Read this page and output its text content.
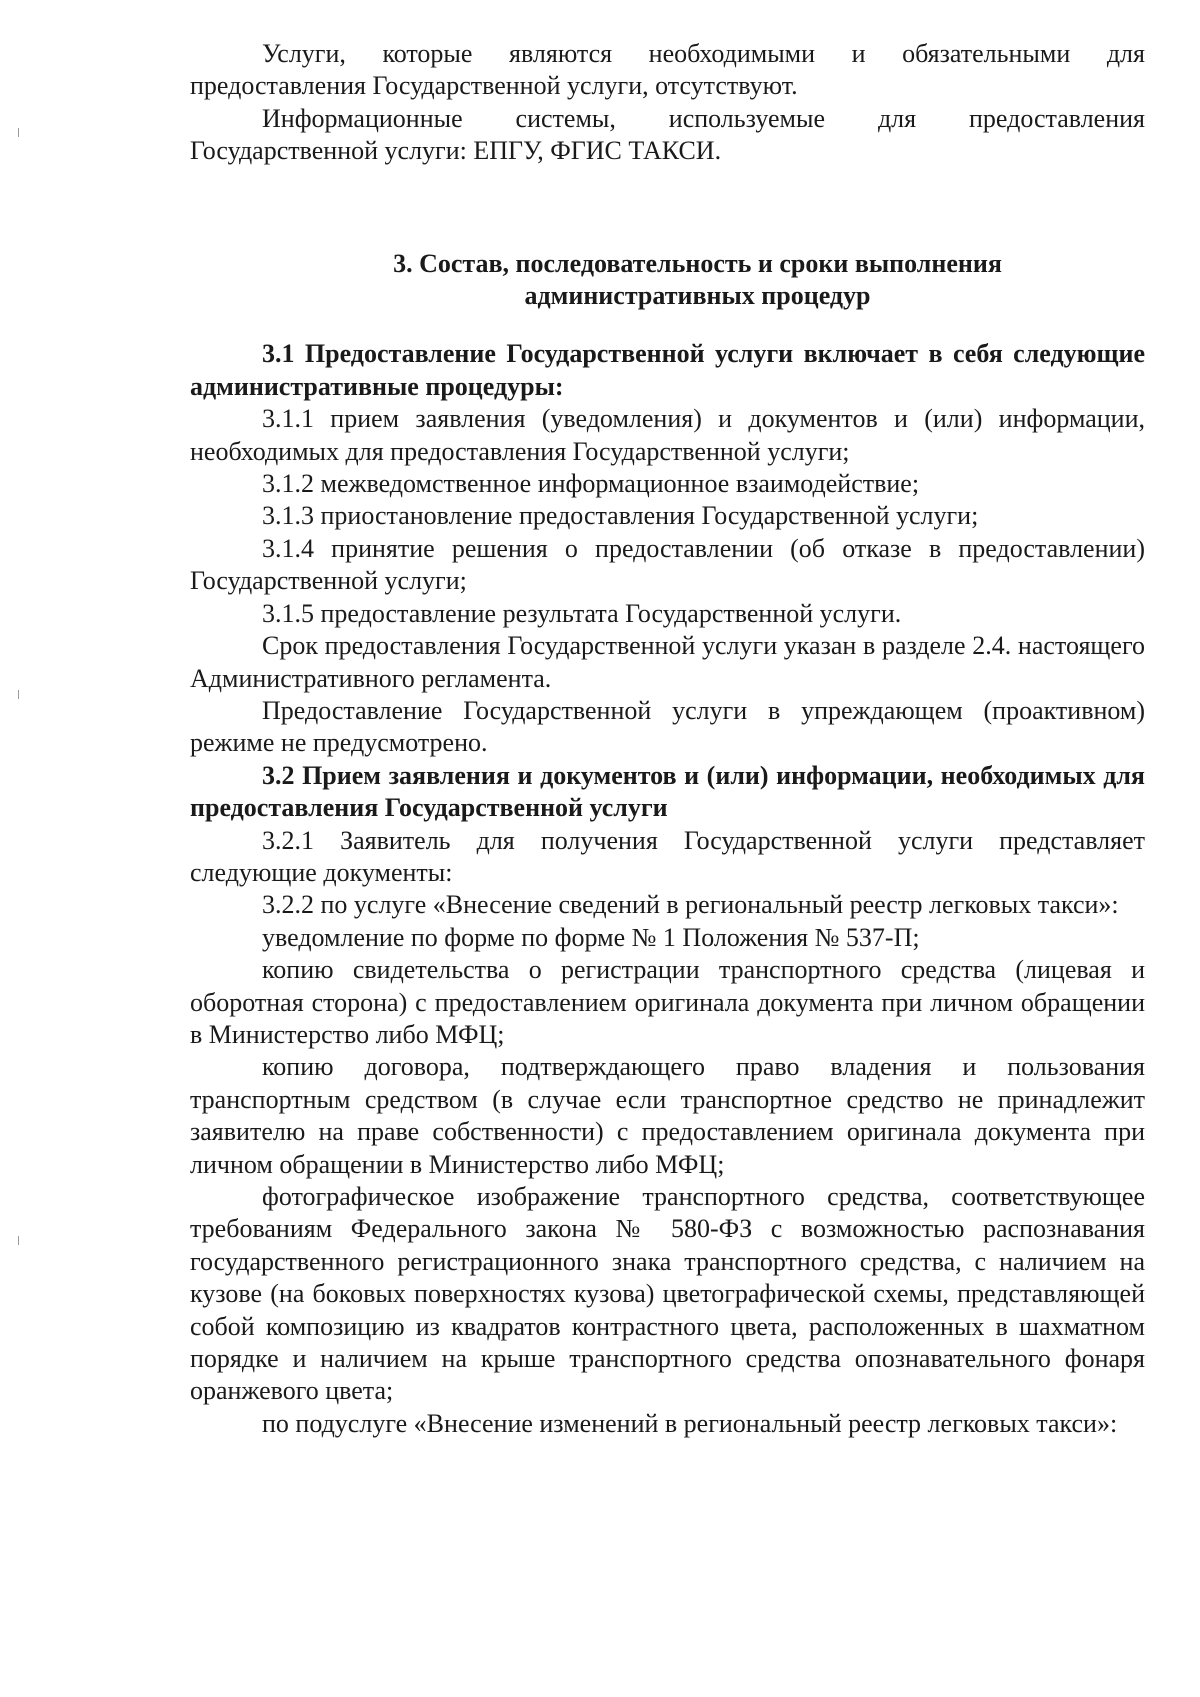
Услуги, которые являются необходимыми и обязательными для предоставления Государственной услуги, отсутствуют.

Информационные системы, используемые для предоставления Государственной услуги: ЕПГУ, ФГИС ТАКСИ.

3. Состав, последовательность и сроки выполнения
административных процедур

3.1 Предоставление Государственной услуги включает в себя следующие административные процедуры:

3.1.1 прием заявления (уведомления) и документов и (или) информации, необходимых для предоставления Государственной услуги;

3.1.2 межведомственное информационное взаимодействие;

3.1.3 приостановление предоставления Государственной услуги;

3.1.4 принятие решения о предоставлении (об отказе в предоставлении) Государственной услуги;

3.1.5 предоставление результата Государственной услуги.

Срок предоставления Государственной услуги указан в разделе 2.4. настоящего Административного регламента.

Предоставление Государственной услуги в упреждающем (проактивном) режиме не предусмотрено.

3.2 Прием заявления и документов и (или) информации, необходимых для предоставления Государственной услуги

3.2.1 Заявитель для получения Государственной услуги представляет следующие документы:

3.2.2 по услуге «Внесение сведений в региональный реестр легковых такси»:

уведомление по форме по форме № 1 Положения № 537-П;

копию свидетельства о регистрации транспортного средства (лицевая и оборотная сторона) с предоставлением оригинала документа при личном обращении в Министерство либо МФЦ;

копию договора, подтверждающего право владения и пользования транспортным средством (в случае если транспортное средство не принадлежит заявителю на праве собственности) с предоставлением оригинала документа при личном обращении в Министерство либо МФЦ;

фотографическое изображение транспортного средства, соответствующее требованиям Федерального закона № 580-ФЗ с возможностью распознавания государственного регистрационного знака транспортного средства, с наличием на кузове (на боковых поверхностях кузова) цветографической схемы, представляющей собой композицию из квадратов контрастного цвета, расположенных в шахматном порядке и наличием на крыше транспортного средства опознавательного фонаря оранжевого цвета;

по подуслуге «Внесение изменений в региональный реестр легковых такси»:
